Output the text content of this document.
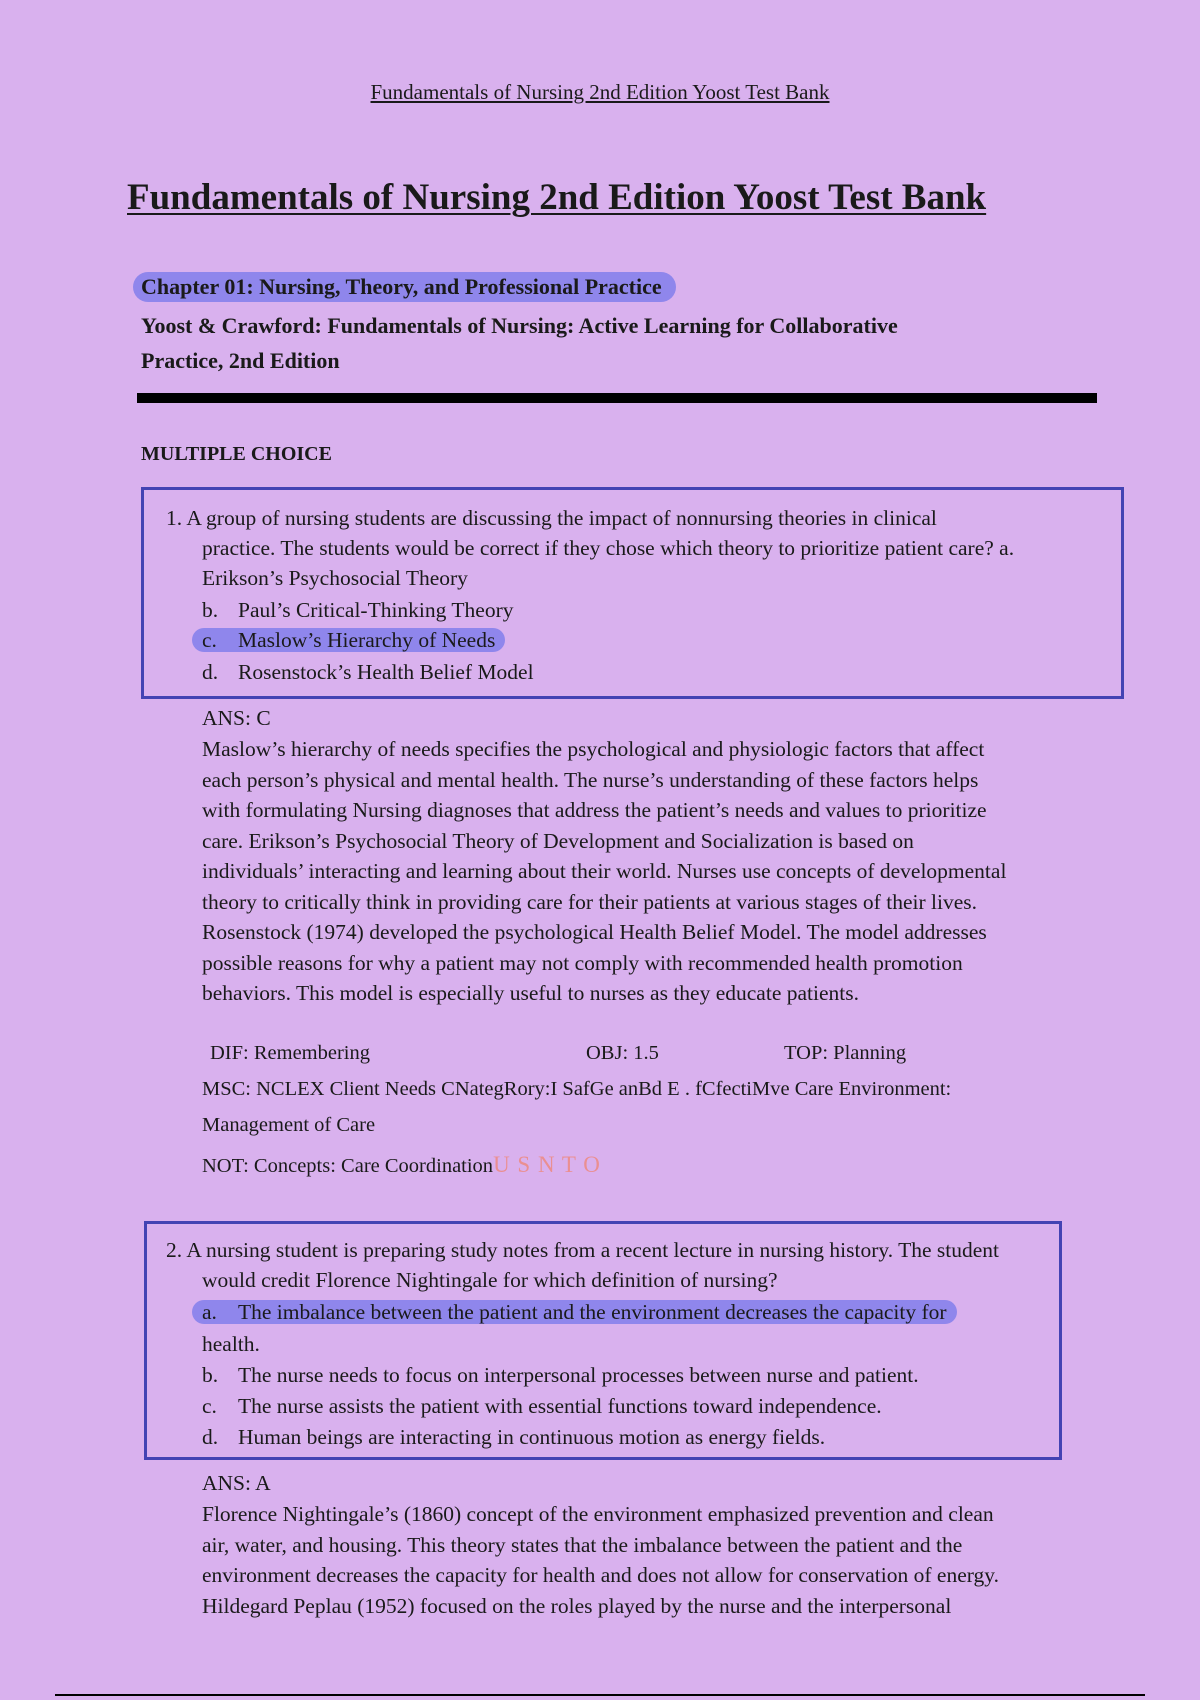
Fundamentals of Nursing 2nd Edition Yoost Test Bank
Fundamentals of Nursing 2nd Edition Yoost Test Bank
Chapter 01: Nursing, Theory, and Professional Practice
Yoost & Crawford: Fundamentals of Nursing: Active Learning for Collaborative
Practice, 2nd Edition
MULTIPLE CHOICE
1. A group of nursing students are discussing the impact of nonnursing theories in clinical
practice. The students would be correct if they chose which theory to prioritize patient care? a.
Erikson’s Psychosocial Theory
b. Paul’s Critical-Thinking Theory
c. Maslow’s Hierarchy of Needs
d. Rosenstock’s Health Belief Model
ANS: C
Maslow’s hierarchy of needs specifies the psychological and physiologic factors that affect
each person’s physical and mental health. The nurse’s understanding of these factors helps
with formulating Nursing diagnoses that address the patient’s needs and values to prioritize
care. Erikson’s Psychosocial Theory of Development and Socialization is based on
individuals’ interacting and learning about their world. Nurses use concepts of developmental
theory to critically think in providing care for their patients at various stages of their lives.
Rosenstock (1974) developed the psychological Health Belief Model. The model addresses
possible reasons for why a patient may not comply with recommended health promotion
behaviors. This model is especially useful to nurses as they educate patients.
DIF: Remembering	OBJ: 1.5	TOP: Planning
MSC: NCLEX Client Needs CNategRory:I SafGe anBd E . fCfectiMve Care Environment:
Management of Care
NOT: Concepts: Care CoordinationU S N T O
2. A nursing student is preparing study notes from a recent lecture in nursing history. The student
would credit Florence Nightingale for which definition of nursing?
a. The imbalance between the patient and the environment decreases the capacity for
health.
b. The nurse needs to focus on interpersonal processes between nurse and patient.
c. The nurse assists the patient with essential functions toward independence.
d. Human beings are interacting in continuous motion as energy fields.
ANS: A
Florence Nightingale’s (1860) concept of the environment emphasized prevention and clean
air, water, and housing. This theory states that the imbalance between the patient and the
environment decreases the capacity for health and does not allow for conservation of energy.
Hildegard Peplau (1952) focused on the roles played by the nurse and the interpersonal
